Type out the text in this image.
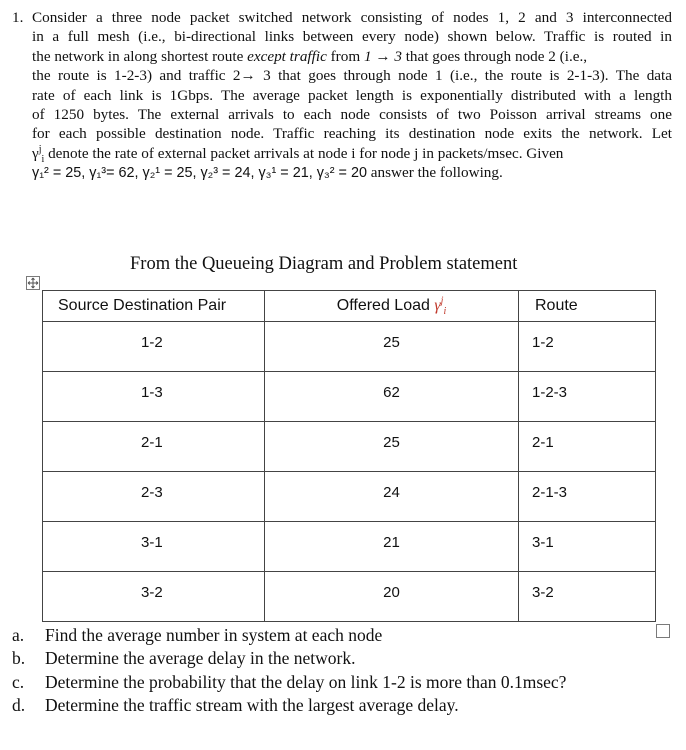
1. Consider a three node packet switched network consisting of nodes 1, 2 and 3 interconnected
in a full mesh (i.e., bi-directional links between every node) shown below. Traffic is routed in
the network in along shortest route except traffic from 1 → 3 that goes through node 2 (i.e.,
the route is 1-2-3) and traffic 2→ 3 that goes through node 1 (i.e., the route is 2-1-3). The data
rate of each link is 1Gbps. The average packet length is exponentially distributed with a length
of 1250 bytes. The external arrivals to each node consists of two Poisson arrival streams one
for each possible destination node. Traffic reaching its destination node exits the network. Let
$\gamma^j_i$ denote the rate of external packet arrivals at node i for node j in packets/msec. Given
γ₁² = 25, γ₁³= 62, γ₂¹ = 25, γ₂³ = 24, γ₃¹ = 21, γ₃² = 20 answer the following.
From the Queueing Diagram and Problem statement
Source Destination Pair	Offered Load $\gamma^j_i$	Route
1-2	25	1-2
1-3	62	1-2-3
2-1	25	2-1
2-3	24	2-1-3
3-1	21	3-1
3-2	20	3-2
a. Find the average number in system at each node
b. Determine the average delay in the network.
c. Determine the probability that the delay on link 1-2 is more than 0.1msec?
d. Determine the traffic stream with the largest average delay.
